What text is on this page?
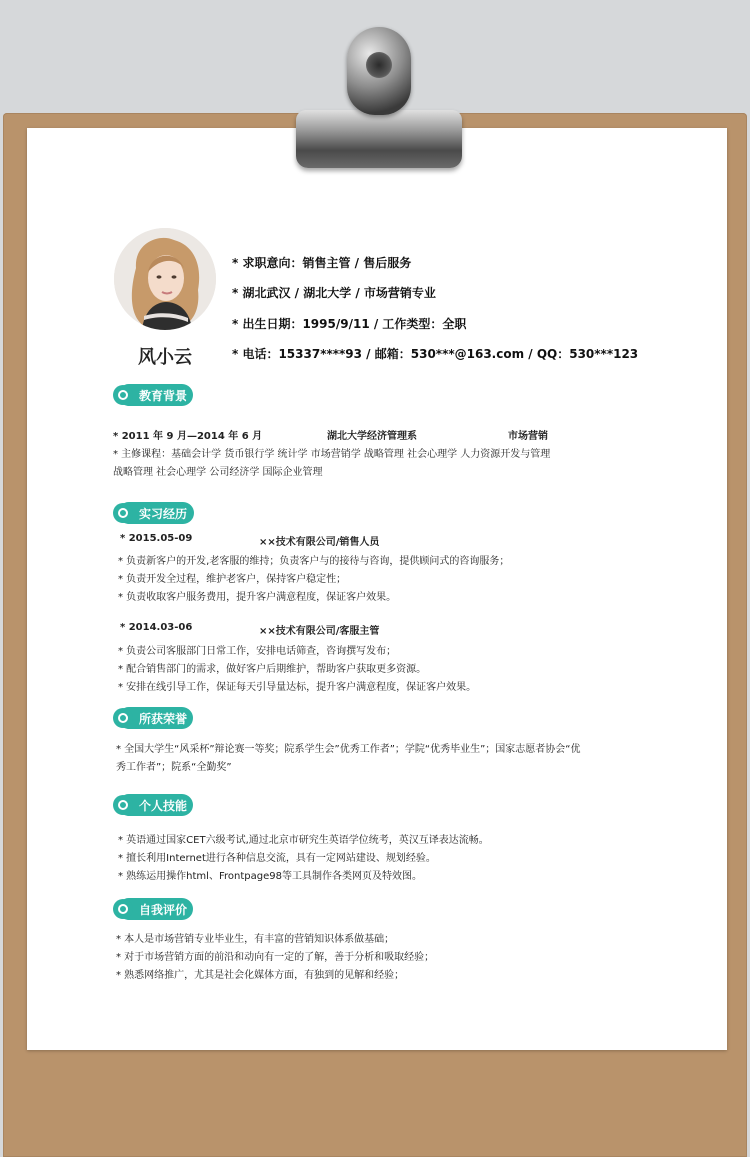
风小云
* 求职意向：销售主管 / 售后服务
* 湖北武汉 / 湖北大学 / 市场营销专业
* 出生日期：1995/9/11 / 工作类型：全职
* 电话：15337****93 / 邮箱：530***@163.com / QQ：530***123
教育背景
* 2011 年 9 月—2014 年 6 月	湖北大学经济管理系	市场营销
* 主修课程：基础会计学 货币银行学 统计学 市场营销学 战略管理 社会心理学 人力资源开发与管理
战略管理 社会心理学 公司经济学 国际企业管理
实习经历
* 2015.05-09	××技术有限公司/销售人员
* 负责新客户的开发,老客服的维持；负责客户与的接待与咨询，提供顾问式的咨询服务；
* 负责开发全过程，维护老客户，保持客户稳定性；
* 负责收取客户服务费用，提升客户满意程度，保证客户效果。
* 2014.03-06	××技术有限公司/客服主管
* 负责公司客服部门日常工作，安排电话筛查，咨询撰写发布；
* 配合销售部门的需求，做好客户后期维护，帮助客户获取更多资源。
* 安排在线引导工作，保证每天引导量达标，提升客户满意程度，保证客户效果。
所获荣誉
* 全国大学生“风采杯”辩论赛一等奖；院系学生会”优秀工作者”；学院“优秀毕业生”；国家志愿者协会“优
秀工作者”；院系“全勤奖”
个人技能
* 英语通过国家CET六级考试,通过北京市研究生英语学位统考，英汉互译表达流畅。
* 擅长利用Internet进行各种信息交流，具有一定网站建设、规划经验。
* 熟练运用操作html、Frontpage98等工具制作各类网页及特效图。
自我评价
* 本人是市场营销专业毕业生，有丰富的营销知识体系做基础；
* 对于市场营销方面的前沿和动向有一定的了解，善于分析和吸取经验；
* 熟悉网络推广，尤其是社会化媒体方面，有独到的见解和经验；
